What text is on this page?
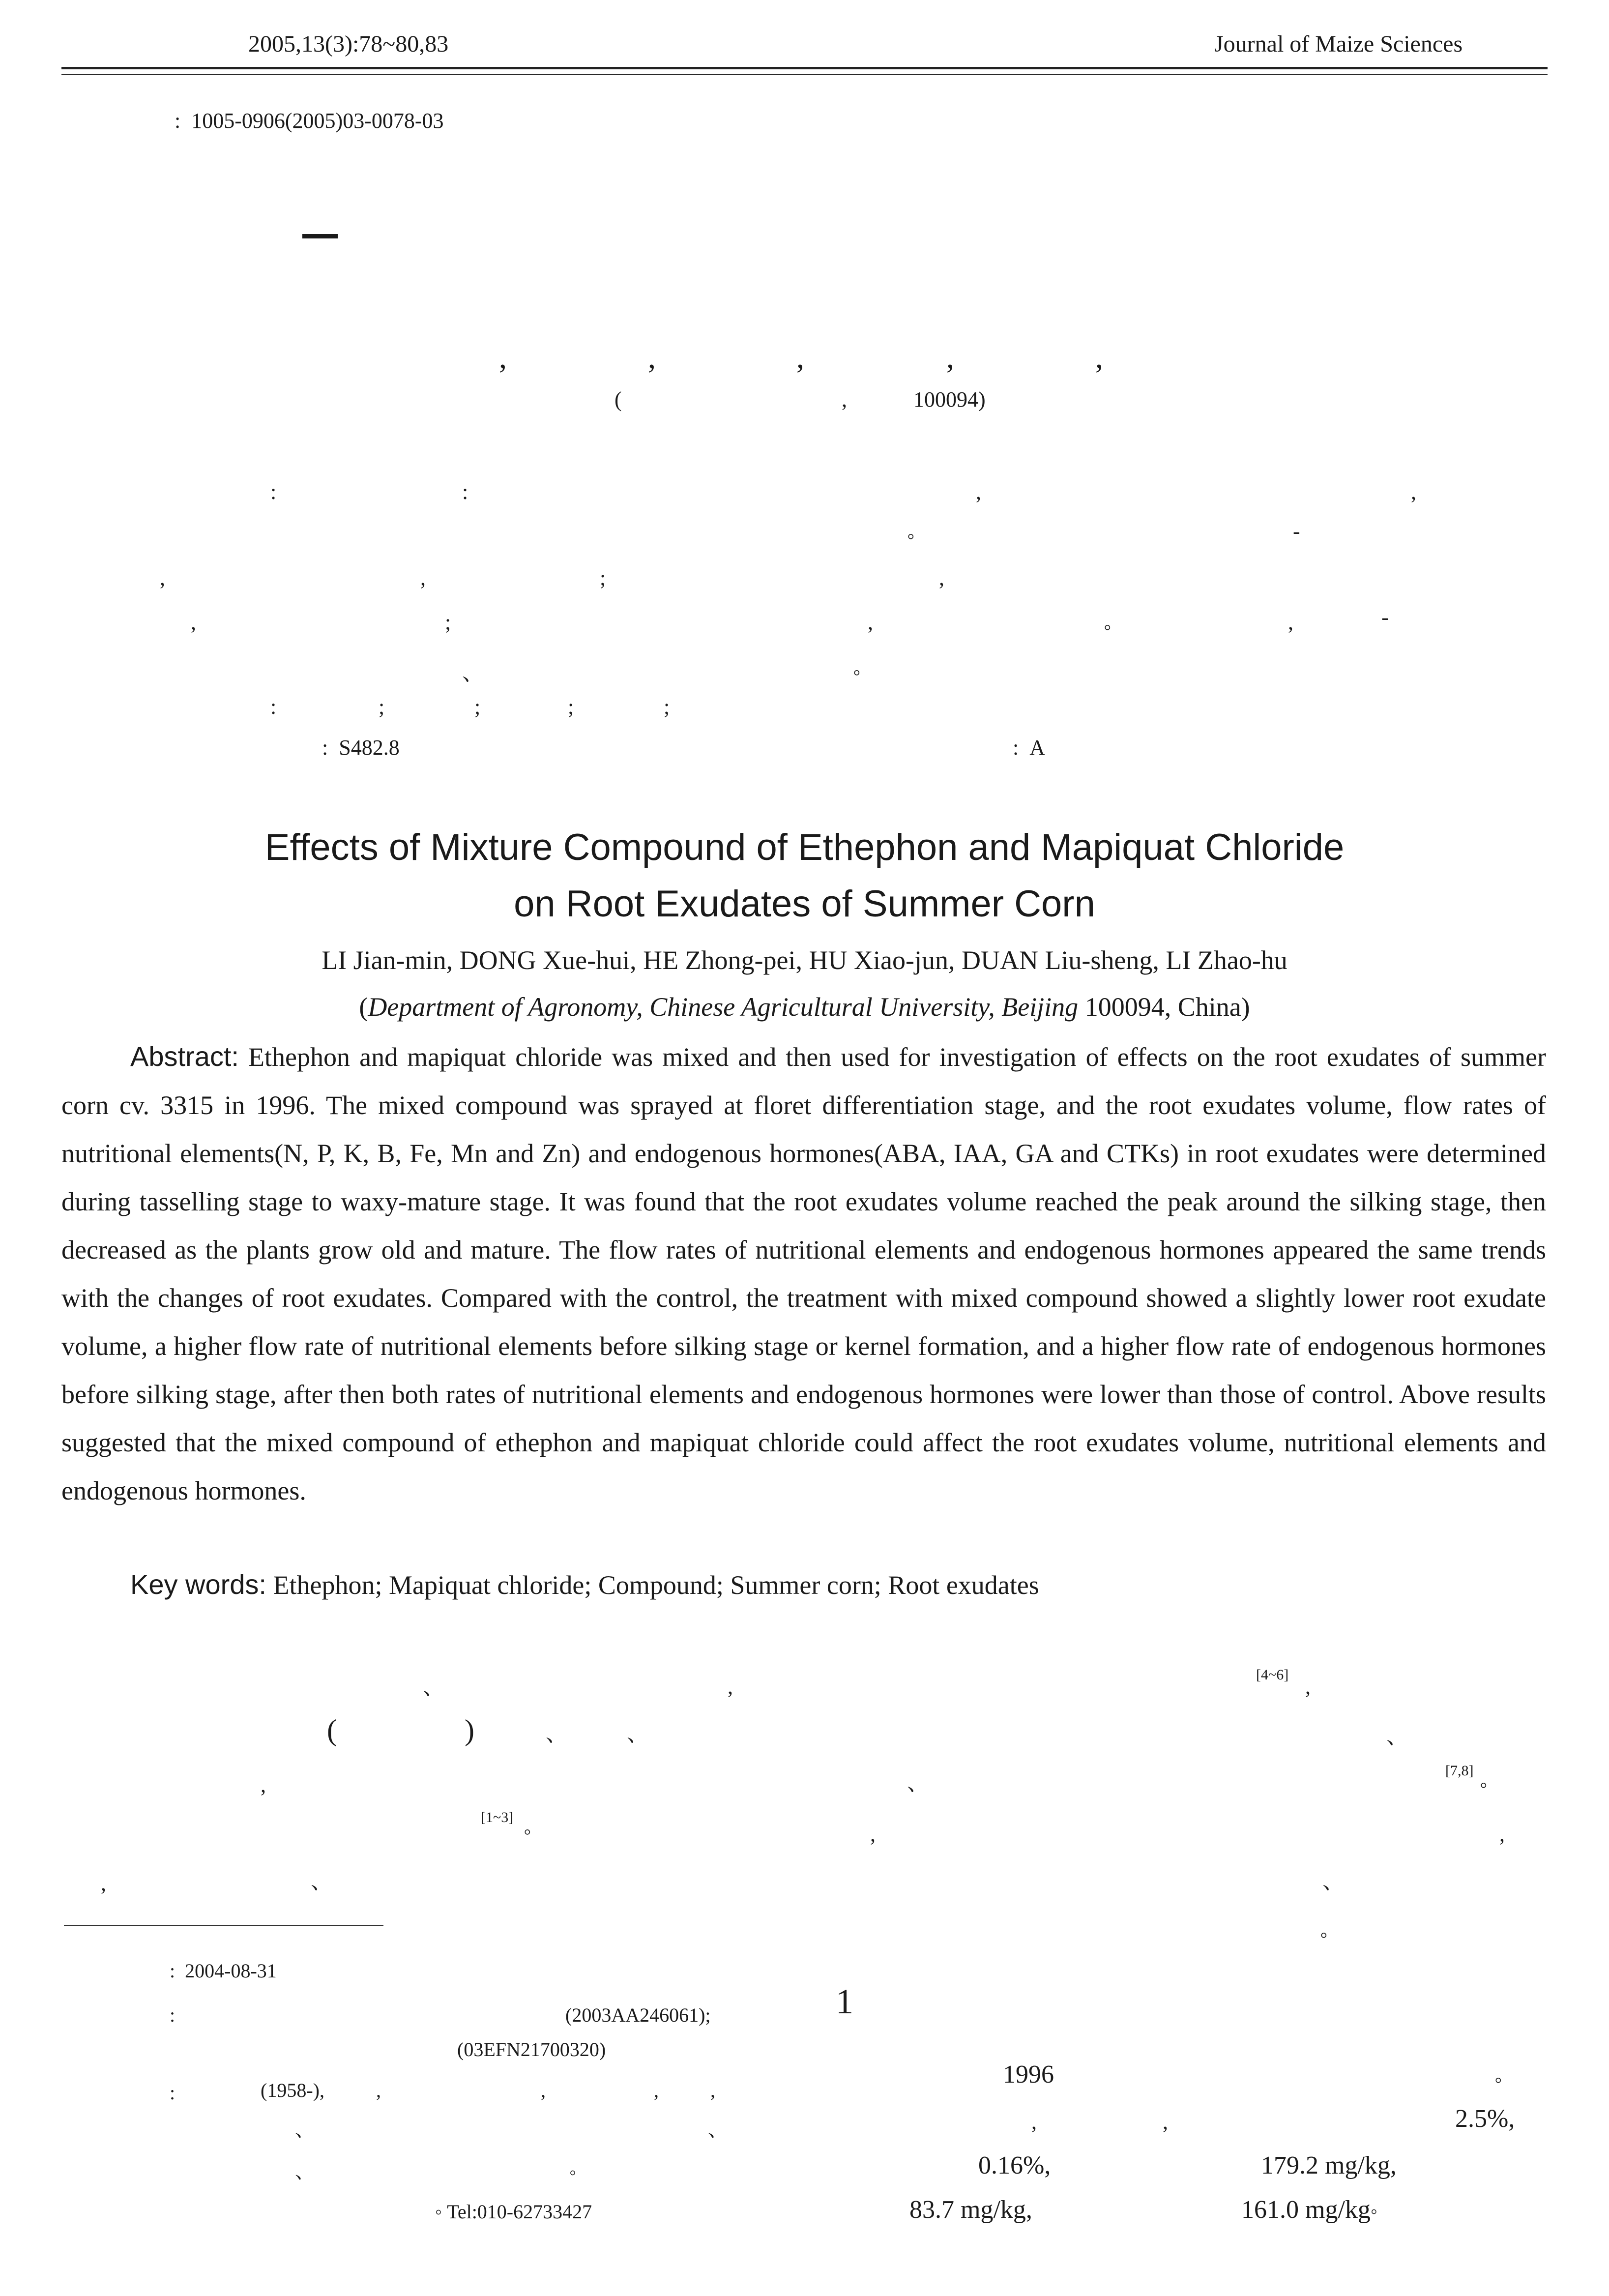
2005,13(3):78~80,83	Journal of Maize Sciences
:  1005-0906(2005)03-0078-03
,	,	,	,	,
(	,	100094)
:	:	,	,
◦	-
,	,	;	,
,	;	,	◦	,	-
、	◦
:	;	;	;	;
:  S482.8	:  A
Effects of Mixture Compound of Ethephon and Mapiquat Chloride
on Root Exudates of Summer Corn
LI Jian-min, DONG Xue-hui, HE Zhong-pei, HU Xiao-jun, DUAN Liu-sheng, LI Zhao-hu
(Department of Agronomy, Chinese Agricultural University, Beijing 100094, China)

Abstract: Ethephon and mapiquat chloride was mixed and then used for investigation of effects on the root exudates of summer corn cv. 3315 in 1996. The mixed compound was sprayed at floret differentiation stage, and the root exudates volume, flow rates of nutritional elements(N, P, K, B, Fe, Mn and Zn) and endogenous hormones(ABA, IAA, GA and CTKs) in root exudates were determined during tasselling stage to waxy-mature stage. It was found that the root exudates volume reached the peak around the silking stage, then decreased as the plants grow old and mature. The flow rates of nutritional elements and endogenous hormones appeared the same trends with the changes of root exudates. Compared with the control, the treatment with mixed compound showed a slightly lower root exudate volume, a higher flow rate of nutritional elements before silking stage or kernel formation, and a higher flow rate of endogenous hormones before silking stage, after then both rates of nutritional elements and endogenous hormones were lower than those of control. Above results suggested that the mixed compound of ethephon and mapiquat chloride could affect the root exudates volume, nutritional elements and endogenous hormones.

Key words: Ethephon; Mapiquat chloride; Compound; Summer corn; Root exudates
、	,	[4~6] ,
(	)	、	、	、
,	、
[7,8]
◦
[1~3]
◦	,	,
,	、	、
◦
:  2004-08-31
:	(2003AA246061);
(03EFN21700320)
:	(1958-),	,	,	,	,
、	、
、	◦
◦ Tel:010-62733427
1
1996	◦
,	,	2.5%,
0.16%,	179.2 mg/kg,
83.7 mg/kg,	161.0 mg/kg◦
